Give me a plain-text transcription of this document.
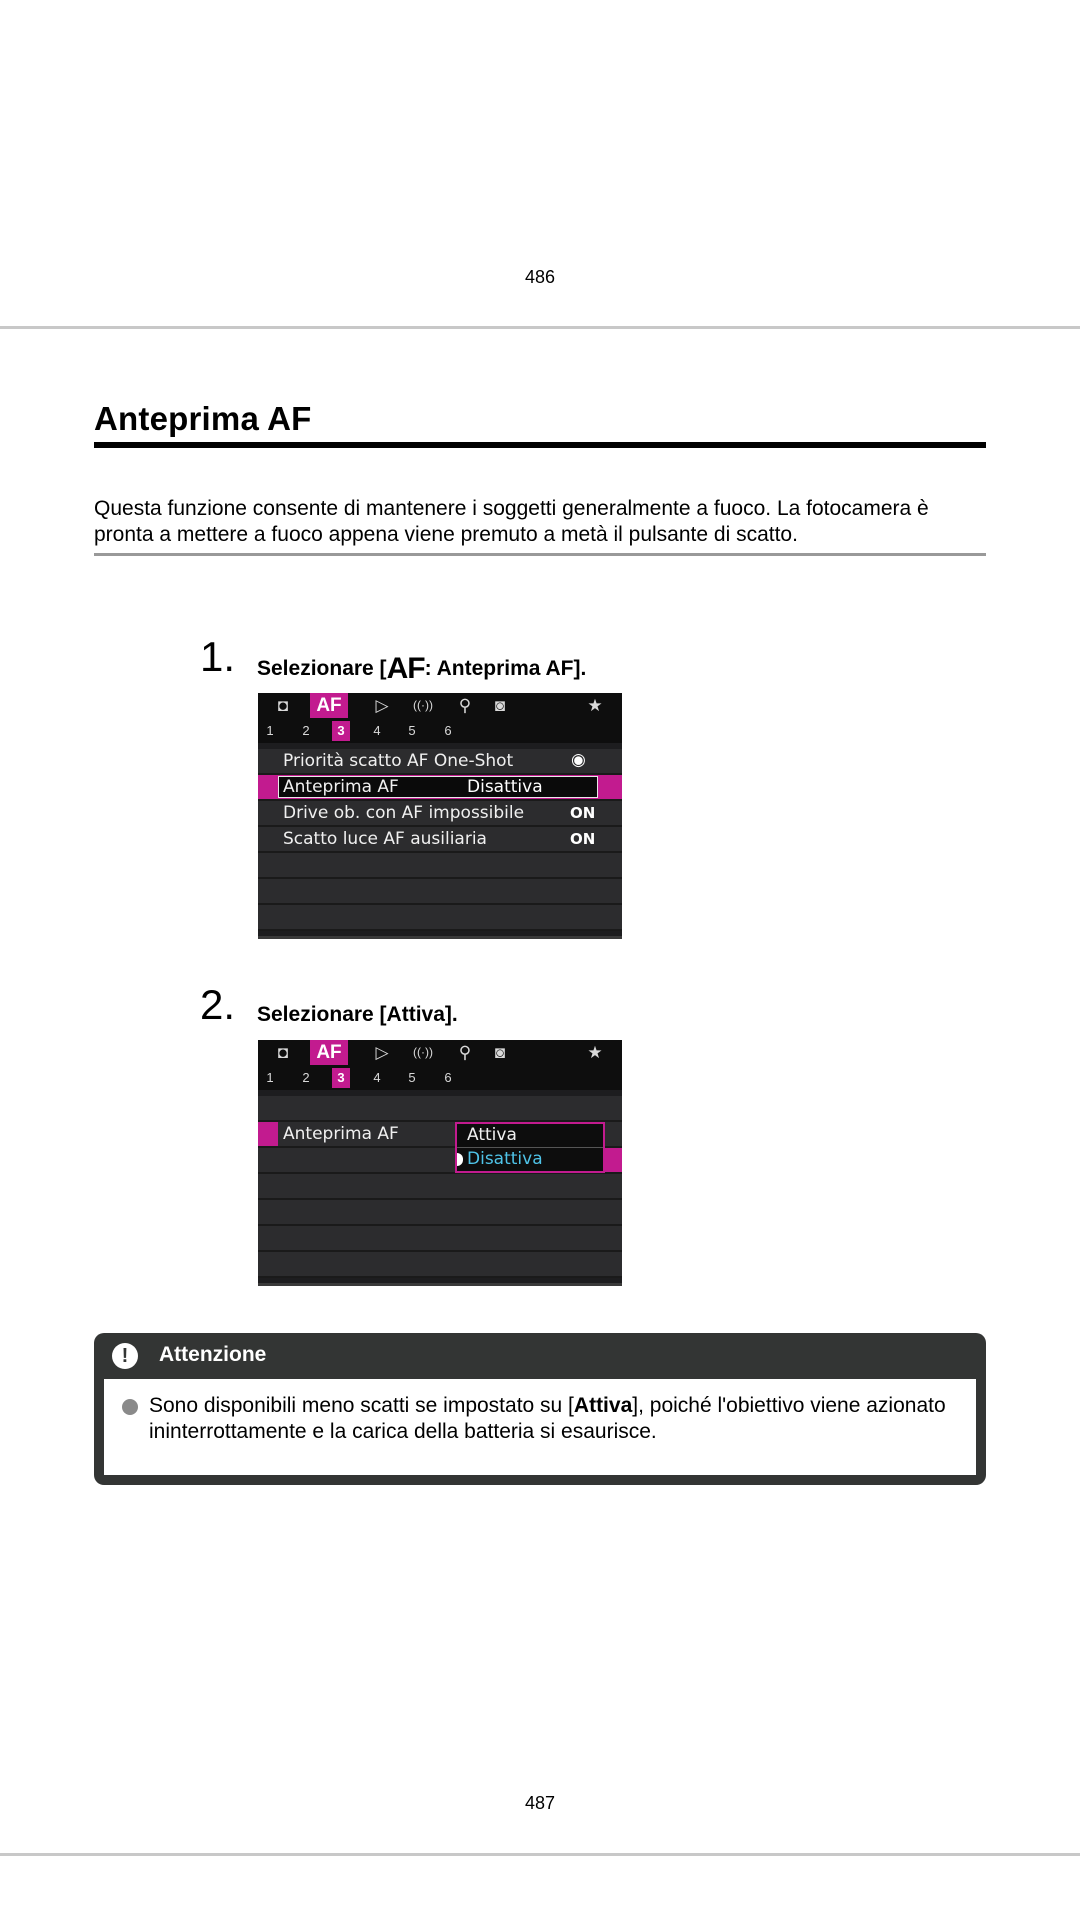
486
Anteprima AF
Questa funzione consente di mantenere i soggetti generalmente a fuoco. La fotocamera è pronta a mettere a fuoco appena viene premuto a metà il pulsante di scatto.
1. Selezionare [AF: Anteprima AF].
◘	AF	▷	((·))	⚲	◙	★
1	2	3	4	5	6
Priorità scatto AF One-Shot	◉
Anteprima AF	Disattiva
Drive ob. con AF impossibile	ON
Scatto luce AF ausiliaria	ON
2. Selezionare [Attiva].
◘	AF	▷	((·))	⚲	◙	★
1	2	3	4	5	6
Anteprima AF	Attiva
Disattiva
!	Attenzione
Sono disponibili meno scatti se impostato su [Attiva], poiché l'obiettivo viene azionato ininterrottamente e la carica della batteria si esaurisce.
487
